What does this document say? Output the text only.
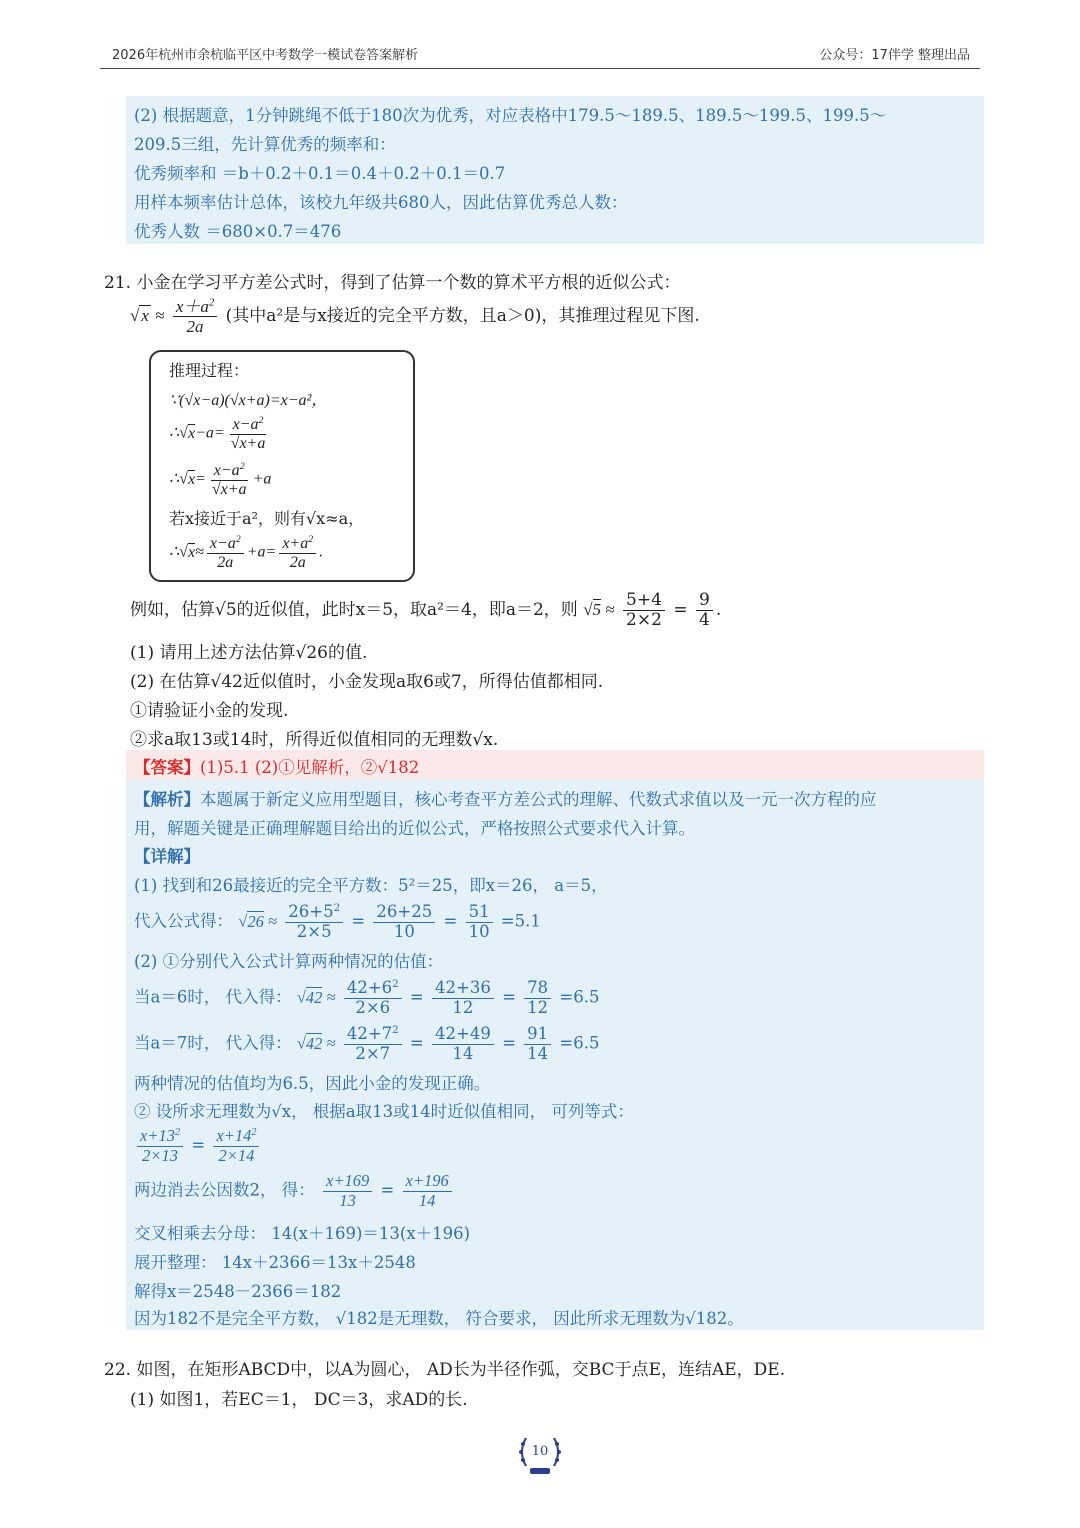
2026年杭州市余杭临平区中考数学一模试卷答案解析	公众号：17伴学 整理出品
(2) 根据题意，1分钟跳绳不低于180次为优秀，对应表格中179.5～189.5、189.5～199.5、199.5～
209.5三组，先计算优秀的频率和：
优秀频率和 ＝b＋0.2＋0.1＝0.4＋0.2＋0.1＝0.7
用样本频率估计总体，该校九年级共680人，因此估算优秀总人数：
优秀人数 ＝680×0.7＝476
21. 小金在学习平方差公式时，得到了估算一个数的算术平方根的近似公式：
√ $x \approx \frac{x+a^2}{2a}$ (其中a²是与x接近的完全平方数，且a＞0)，其推理过程见下图.
推理过程：
∵(√x−a)(√x+a)=x−a²，
∴√x−a= $\frac{x-a^2}{√x+a}$
∴√x= $\frac{x-a^2}{√x+a} +a$
若x接近于a²，则有√x≈a，
∴√x≈ $\frac{x-a^2}{2a} +a= \frac{x+a^2}{2a}$ .
例如，估算√5的近似值，此时x＝5，取a²＝4，即a＝2，则 $√5 \approx \frac{5+4}{2\times 2} = \frac{9}{4}$ .
(1) 请用上述方法估算√26的值.
(2) 在估算√42近似值时，小金发现a取6或7，所得估值都相同.
①请验证小金的发现.
②求a取13或14时，所得近似值相同的无理数√x.
【答案】(1)5.1 (2)①见解析，②√182
【解析】本题属于新定义应用型题目，核心考查平方差公式的理解、代数式求值以及一元一次方程的应
用，解题关键是正确理解题目给出的近似公式，严格按照公式要求代入计算。
【详解】
(1) 找到和26最接近的完全平方数：5²＝25，即x＝26， a＝5，
代入公式得： $√26 \approx \frac{26+5^2}{2\times 5} = \frac{26+25}{10} = \frac{51}{10} =5.1$
(2) ①分别代入公式计算两种情况的估值：
当a＝6时， 代入得： $√42 \approx \frac{42+6^2}{2\times 6} = \frac{42+36}{12} = \frac{78}{12} =6.5$
当a＝7时， 代入得： $√42 \approx \frac{42+7^2}{2\times 7} = \frac{42+49}{14} = \frac{91}{14} =6.5$
两种情况的估值均为6.5，因此小金的发现正确。
② 设所求无理数为√x， 根据a取13或14时近似值相同， 可列等式：
$\frac{x+13^2}{2\times 13} = \frac{x+14^2}{2\times 14}$
两边消去公因数2， 得： $\frac{x+169}{13} = \frac{x+196}{14}$
交叉相乘去分母： 14(x＋169)＝13(x＋196)
展开整理： 14x＋2366＝13x＋2548
解得x＝2548－2366＝182
因为182不是完全平方数， √182是无理数， 符合要求， 因此所求无理数为√182。
22. 如图，在矩形ABCD中，以A为圆心， AD长为半径作弧，交BC于点E，连结AE，DE.
(1) 如图1，若EC＝1， DC＝3，求AD的长.
10
